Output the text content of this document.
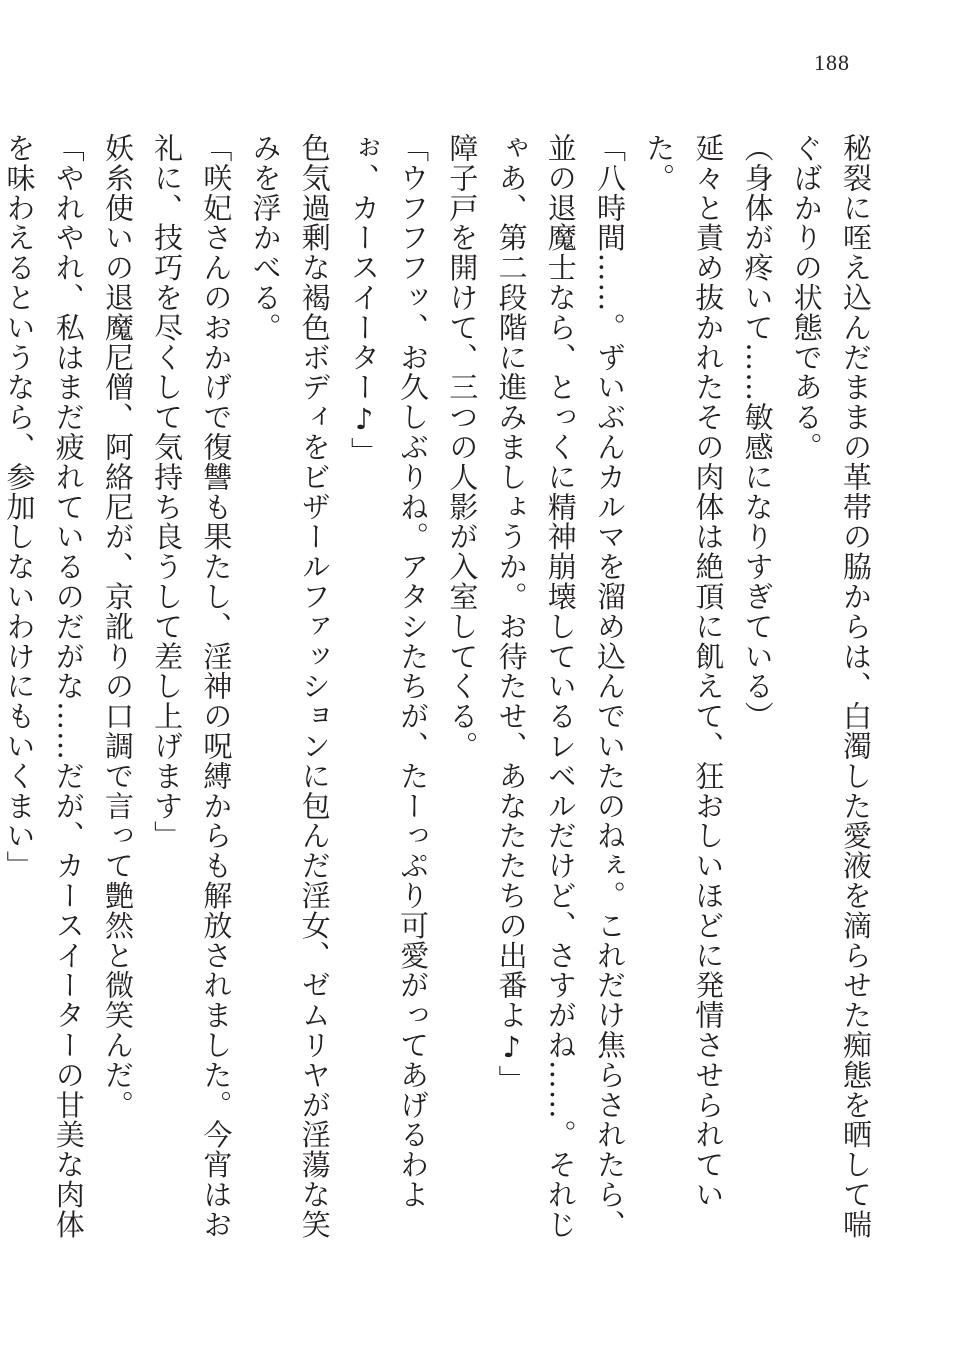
188

秘裂に咥え込んだままの革帯の脇からは、白濁した愛液を滴らせた痴態を晒して喘ぐばかりの状態である。

（身体が疼いて……敏感になりすぎている）

延々と責め抜かれたその肉体は絶頂に飢えて、狂おしいほどに発情させられていた。

「八時間……。ずいぶんカルマを溜め込んでいたのねぇ。これだけ焦らされたら、並の退魔士なら、とっくに精神崩壊しているレベルだけど、さすがね……。それじゃあ、第二段階に進みましょうか。お待たせ、あなたたちの出番よ♪」

障子戸を開けて、三つの人影が入室してくる。

「ウフフフッ、お久しぶりね。アタシたちが、たーっぷり可愛がってあげるわよぉ、カースイーター♪」

色気過剰な褐色ボディをビザールファッションに包んだ淫女、ゼムリヤが淫蕩な笑みを浮かべる。

「咲妃さんのおかげで復讐も果たし、淫神の呪縛からも解放されました。今宵はお礼に、技巧を尽くして気持ち良うして差し上げます」

妖糸使いの退魔尼僧、阿絡尼が、京訛りの口調で言って艶然と微笑んだ。

「やれやれ、私はまだ疲れているのだがな……だが、カースイーターの甘美な肉体を味わえるというなら、参加しないわけにもいくまい」
